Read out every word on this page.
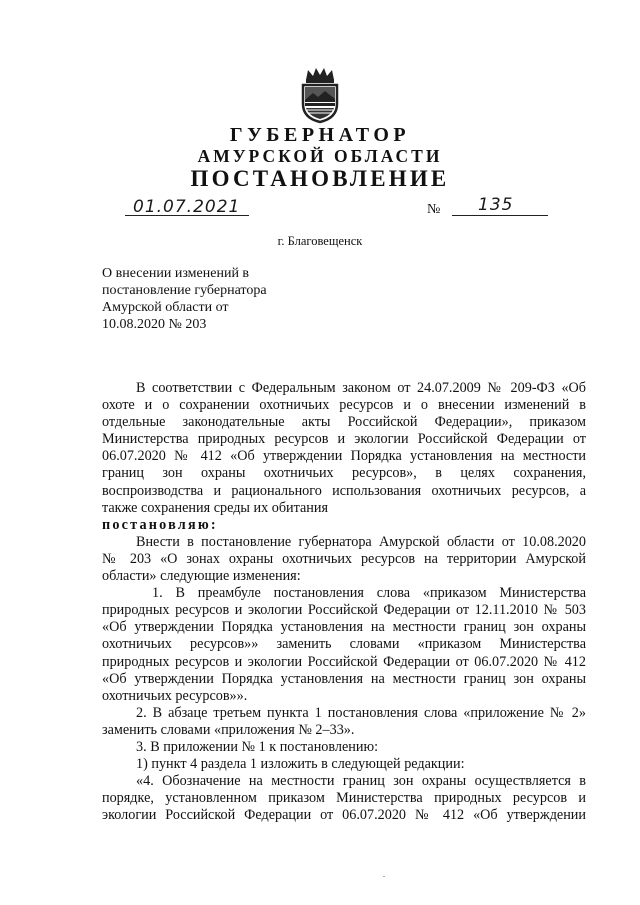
ГУБЕРНАТОР
АМУРСКОЙ ОБЛАСТИ
ПОСТАНОВЛЕНИЕ
01.07.2021	№ 135
г. Благовещенск
О внесении изменений в
постановление губернатора
Амурской области от
10.08.2020 № 203
В соответствии с Федеральным законом от 24.07.2009 № 209-ФЗ «Об
охоте и о сохранении охотничьих ресурсов и о внесении изменений в
отдельные законодательные акты Российской Федерации», приказом
Министерства природных ресурсов и экологии Российской Федерации от
06.07.2020 № 412 «Об утверждении Порядка установления на местности
границ зон охраны охотничьих ресурсов», в целях сохранения,
воспроизводства и рационального использования охотничьих ресурсов, а
также сохранения среды их обитания
постановляю:
Внести в постановление губернатора Амурской области от 10.08.2020
№ 203 «О зонах охраны охотничьих ресурсов на территории Амурской
области» следующие изменения:
1. В преамбуле постановления слова «приказом Министерства
природных ресурсов и экологии Российской Федерации от 12.11.2010 № 503
«Об утверждении Порядка установления на местности границ зон охраны
охотничьих ресурсов»» заменить словами «приказом Министерства
природных ресурсов и экологии Российской Федерации от 06.07.2020 № 412
«Об утверждении Порядка установления на местности границ зон охраны
охотничьих ресурсов»».
2. В абзаце третьем пункта 1 постановления слова «приложение № 2»
заменить словами «приложения № 2–33».
3. В приложении № 1 к постановлению:
1) пункт 4 раздела 1 изложить в следующей редакции:
«4. Обозначение на местности границ зон охраны осуществляется в
порядке, установленном приказом Министерства природных ресурсов и
экологии Российской Федерации от 06.07.2020 № 412 «Об утверждении
